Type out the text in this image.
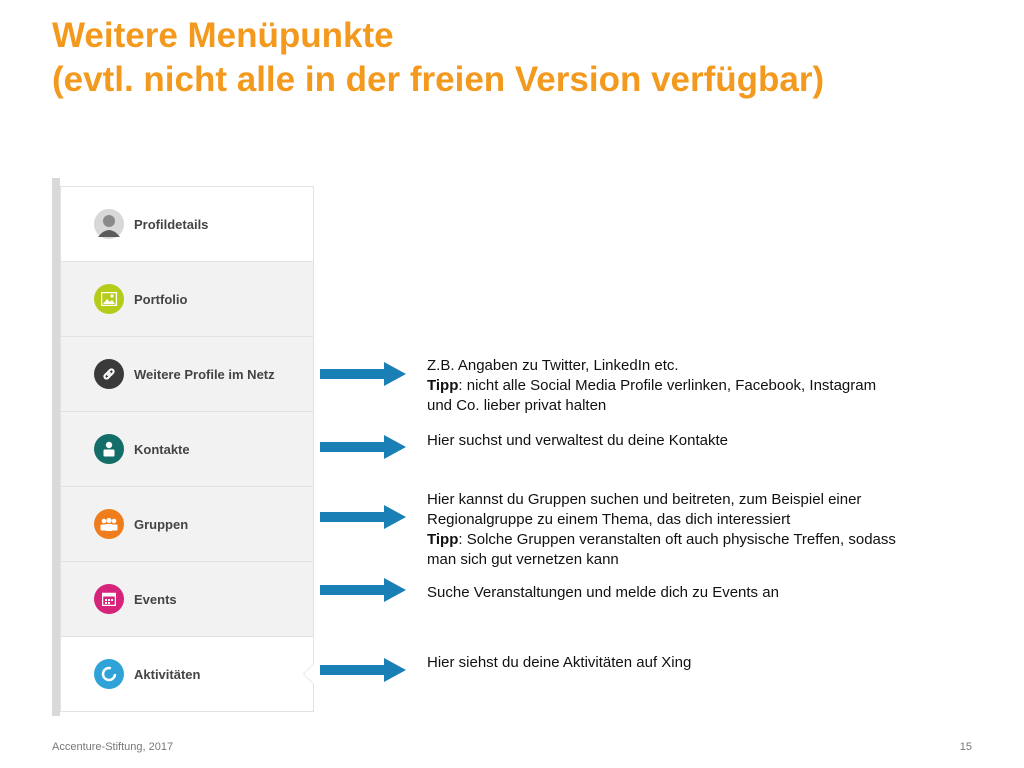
Weitere Menüpunkte
(evtl. nicht alle in der freien Version verfügbar)
Profildetails
Portfolio
Weitere Profile im Netz
Kontakte
Gruppen
Events
Aktivitäten
Z.B. Angaben zu Twitter, LinkedIn etc.
Tipp: nicht alle Social Media Profile verlinken, Facebook, Instagram
und Co. lieber privat halten
Hier suchst und verwaltest du deine Kontakte
Hier kannst du Gruppen suchen und beitreten, zum Beispiel einer
Regionalgruppe zu einem Thema, das dich interessiert
Tipp: Solche Gruppen veranstalten oft auch physische Treffen, sodass
man sich gut vernetzen kann
Suche Veranstaltungen und melde dich zu Events an
Hier siehst du deine Aktivitäten auf Xing
Accenture-Stiftung, 2017	15
